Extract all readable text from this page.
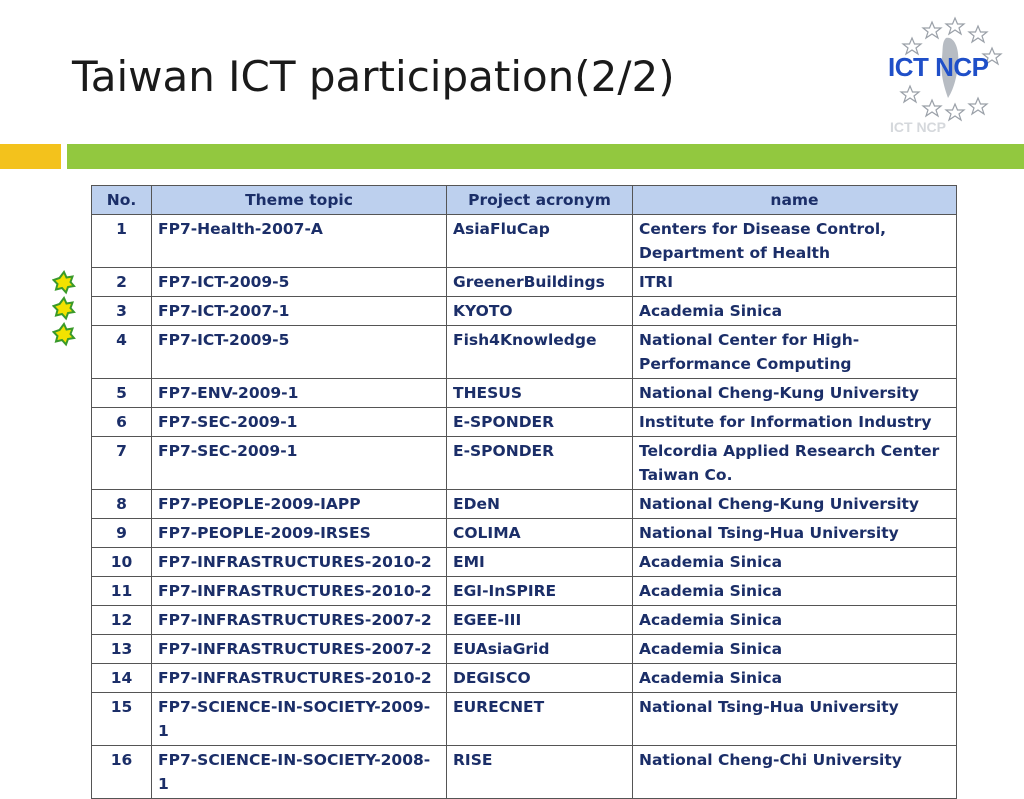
Taiwan ICT participation(2/2)
ICT NCP
ICT NCP
No.	Theme topic	Project acronym	name
1	FP7-Health-2007-A	AsiaFluCap	Centers for Disease Control, Department of Health
2	FP7-ICT-2009-5	GreenerBuildings	ITRI
3	FP7-ICT-2007-1	KYOTO	Academia Sinica
4	FP7-ICT-2009-5	Fish4Knowledge	National Center for High-Performance Computing
5	FP7-ENV-2009-1	THESUS	National Cheng-Kung University
6	FP7-SEC-2009-1	E-SPONDER	Institute for Information Industry
7	FP7-SEC-2009-1	E-SPONDER	Telcordia Applied Research Center Taiwan Co.
8	FP7-PEOPLE-2009-IAPP	EDeN	National Cheng-Kung University
9	FP7-PEOPLE-2009-IRSES	COLIMA	National Tsing-Hua University
10	FP7-INFRASTRUCTURES-2010-2	EMI	Academia Sinica
11	FP7-INFRASTRUCTURES-2010-2	EGI-InSPIRE	Academia Sinica
12	FP7-INFRASTRUCTURES-2007-2	EGEE-III	Academia Sinica
13	FP7-INFRASTRUCTURES-2007-2	EUAsiaGrid	Academia Sinica
14	FP7-INFRASTRUCTURES-2010-2	DEGISCO	Academia Sinica
15	FP7-SCIENCE-IN-SOCIETY-2009-1	EURECNET	National Tsing-Hua University
16	FP7-SCIENCE-IN-SOCIETY-2008-1	RISE	National Cheng-Chi University
